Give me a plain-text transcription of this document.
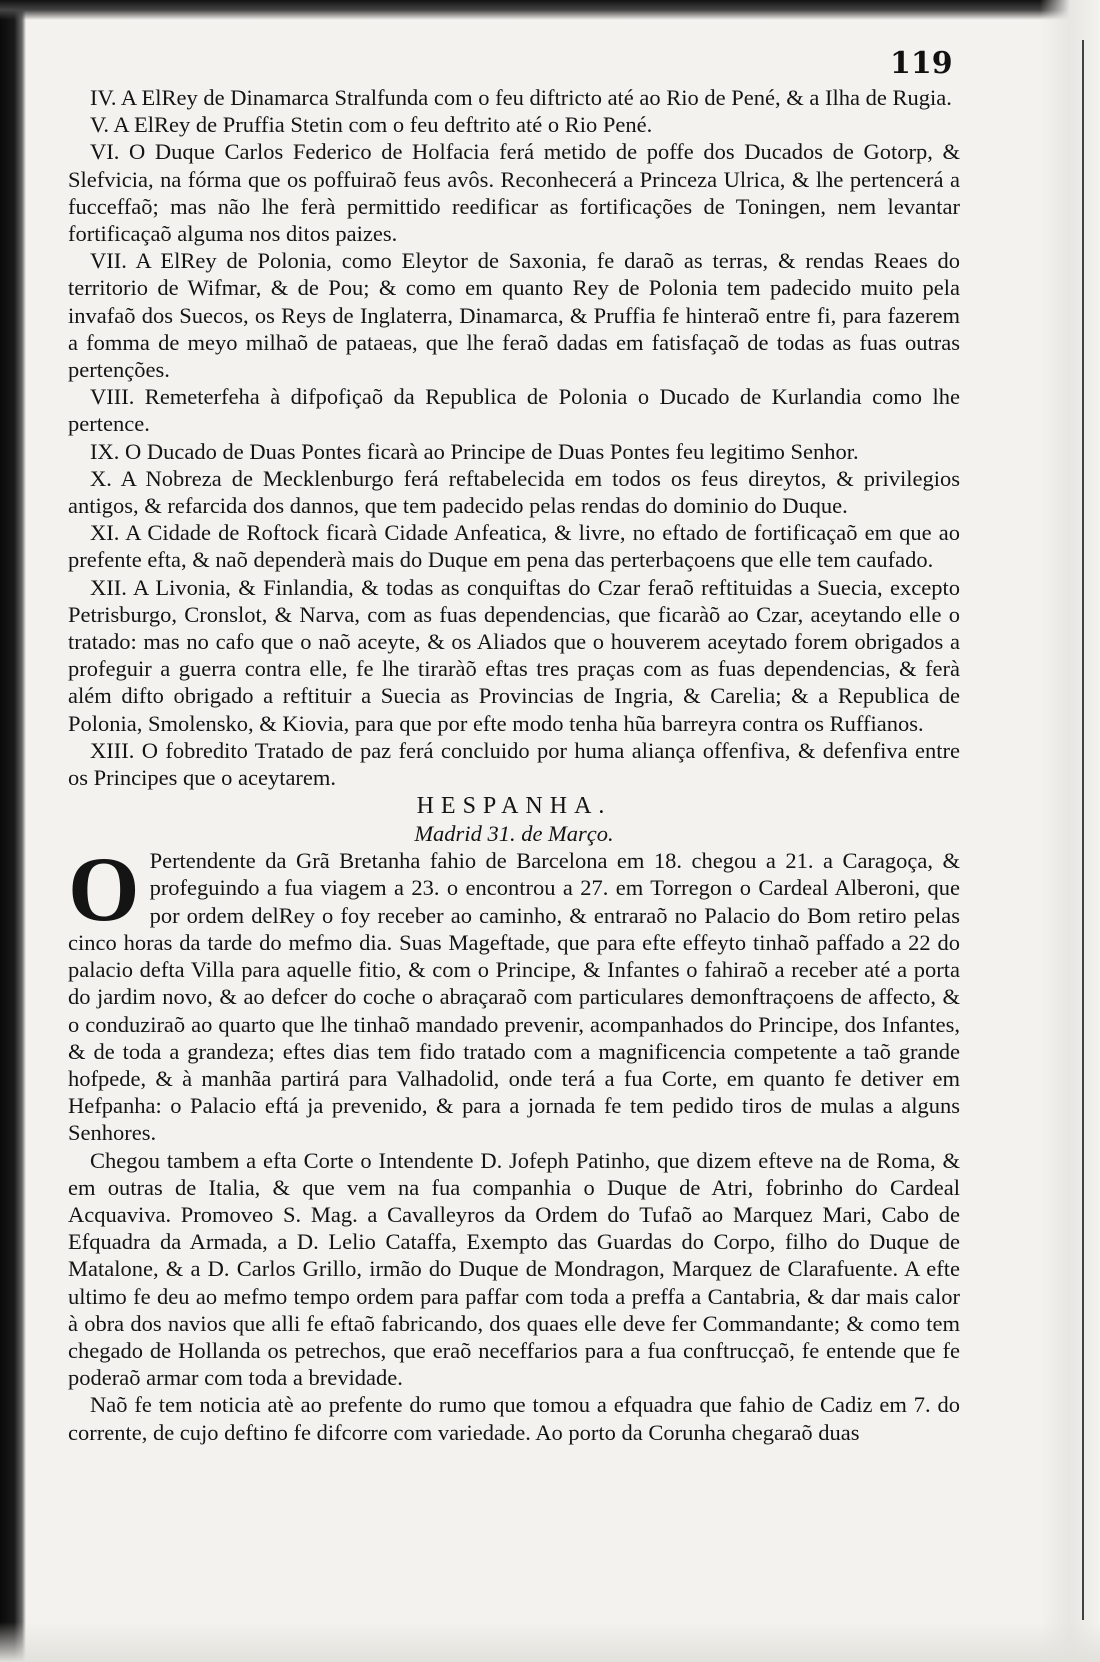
119

IV. A ElRey de Dinamarca Stralfunda com o feu diftricto até ao Rio de Pené, & a Ilha de Rugia.

V. A ElRey de Pruffia Stetin com o feu deftrito até o Rio Pené.

VI. O Duque Carlos Federico de Holfacia ferá metido de poffe dos Ducados de Gotorp, & Slefvicia, na fórma que os poffuiraõ feus avôs. Reconhecerá a Princeza Ulrica, & lhe pertencerá a fucceffaõ; mas não lhe ferà permittido reedificar as fortificações de Toningen, nem levantar fortificaçaõ alguma nos ditos paizes.

VII. A ElRey de Polonia, como Eleytor de Saxonia, fe daraõ as terras, & rendas Reaes do territorio de Wifmar, & de Pou; & como em quanto Rey de Polonia tem padecido muito pela invafaõ dos Suecos, os Reys de Inglaterra, Dinamarca, & Pruffia fe hinteraõ entre fi, para fazerem a fomma de meyo milhaõ de pataeas, que lhe feraõ dadas em fatisfaçaõ de todas as fuas outras pertenções.

VIII. Remeterfeha à difpofiçaõ da Republica de Polonia o Ducado de Kurlandia como lhe pertence.

IX. O Ducado de Duas Pontes ficarà ao Principe de Duas Pontes feu legitimo Senhor.

X. A Nobreza de Mecklenburgo ferá reftabelecida em todos os feus direytos, & privilegios antigos, & refarcida dos dannos, que tem padecido pelas rendas do dominio do Duque.

XI. A Cidade de Roftock ficarà Cidade Anfeatica, & livre, no eftado de fortificaçaõ em que ao prefente efta, & naõ dependerà mais do Duque em pena das perterbaçoens que elle tem caufado.

XII. A Livonia, & Finlandia, & todas as conquiftas do Czar feraõ reftituidas a Suecia, excepto Petrisburgo, Cronslot, & Narva, com as fuas dependencias, que ficaràõ ao Czar, aceytando elle o tratado: mas no cafo que o naõ aceyte, & os Aliados que o houverem aceytado forem obrigados a profeguir a guerra contra elle, fe lhe tiraràõ eftas tres praças com as fuas dependencias, & ferà além difto obrigado a reftituir a Suecia as Provincias de Ingria, & Carelia; & a Republica de Polonia, Smolensko, & Kiovia, para que por efte modo tenha hũa barreyra contra os Ruffianos.

XIII. O fobredito Tratado de paz ferá concluido por huma aliança offenfiva, & defenfiva entre os Principes que o aceytarem.

HESPANHA.

Madrid 31. de Março.

O Pertendente da Grã Bretanha fahio de Barcelona em 18. chegou a 21. a Caragoça, & profeguindo a fua viagem a 23. o encontrou a 27. em Torregon o Cardeal Alberoni, que por ordem delRey o foy receber ao caminho, & entraraõ no Palacio do Bom retiro pelas cinco horas da tarde do mefmo dia. Suas Mageftade, que para efte effeyto tinhaõ paffado a 22 do palacio defta Villa para aquelle fitio, & com o Principe, & Infantes o fahiraõ a receber até a porta do jardim novo, & ao defcer do coche o abraçaraõ com particulares demonftraçoens de affecto, & o conduziraõ ao quarto que lhe tinhaõ mandado prevenir, acompanhados do Principe, dos Infantes, & de toda a grandeza; eftes dias tem fido tratado com a magnificencia competente a taõ grande hofpede, & à manhãa partirá para Valhadolid, onde terá a fua Corte, em quanto fe detiver em Hefpanha: o Palacio eftá ja prevenido, & para a jornada fe tem pedido tiros de mulas a alguns Senhores.

Chegou tambem a efta Corte o Intendente D. Jofeph Patinho, que dizem efteve na de Roma, & em outras de Italia, & que vem na fua companhia o Duque de Atri, fobrinho do Cardeal Acquaviva. Promoveo S. Mag. a Cavalleyros da Ordem do Tufaõ ao Marquez Mari, Cabo de Efquadra da Armada, a D. Lelio Cataffa, Exempto das Guardas do Corpo, filho do Duque de Matalone, & a D. Carlos Grillo, irmão do Duque de Mondragon, Marquez de Clarafuente. A efte ultimo fe deu ao mefmo tempo ordem para paffar com toda a preffa a Cantabria, & dar mais calor à obra dos navios que alli fe eftaõ fabricando, dos quaes elle deve fer Commandante; & como tem chegado de Hollanda os petrechos, que eraõ neceffarios para a fua conftrucçaõ, fe entende que fe poderaõ armar com toda a brevidade.

Naõ fe tem noticia atè ao prefente do rumo que tomou a efquadra que fahio de Cadiz em 7. do corrente, de cujo deftino fe difcorre com variedade. Ao porto da Corunha chegaraõ duas
